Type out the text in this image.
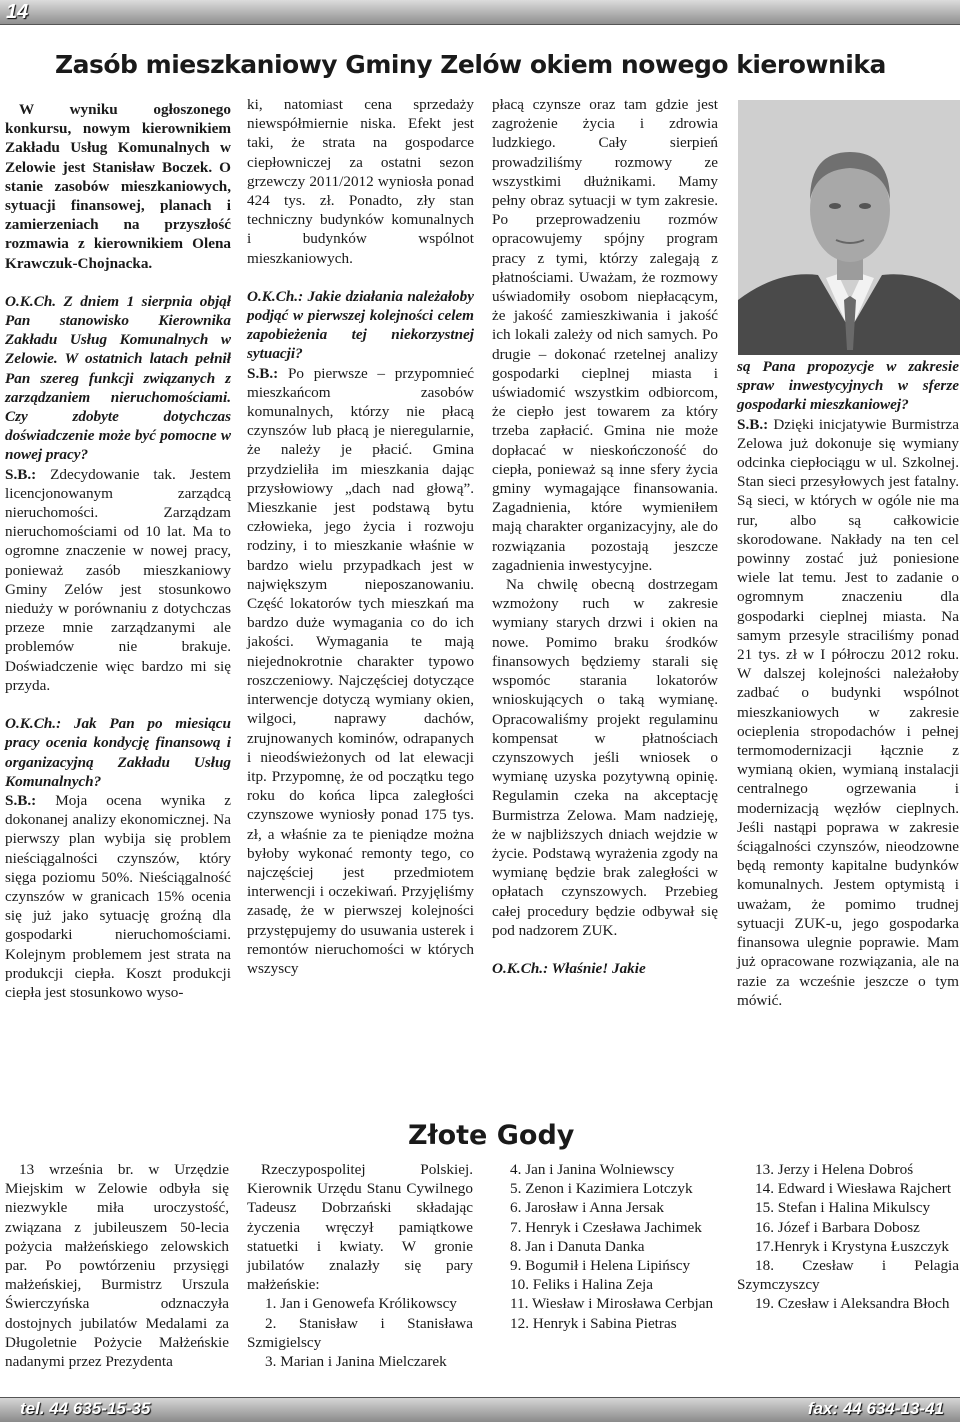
14
Zasób mieszkaniowy Gminy Zelów okiem nowego kierownika

W wyniku ogłoszonego konkursu, nowym kierownikiem Zakładu Usług Komunalnych w Zelowie jest Stanisław Boczek. O stanie zasobów mieszkaniowych, sytuacji finansowej, planach i zamierzeniach na przyszłość rozmawia z kierownikiem Olena Krawczuk-Chojnacka.

O.K.Ch. Z dniem 1 sierpnia objął Pan stanowisko Kierownika Zakładu Usług Komunalnych w Zelowie. W ostatnich latach pełnił Pan szereg funkcji związanych z zarządzaniem nieruchomościami. Czy zdobyte dotychczas doświadczenie może być pomocne w nowej pracy?

S.B.: Zdecydowanie tak. Jestem licencjonowanym zarządcą nieruchomości. Zarządzam nieruchomościami od 10 lat. Ma to ogromne znaczenie w nowej pracy, ponieważ zasób mieszkaniowy Gminy Zelów jest stosunkowo nieduży w porównaniu z dotychczas przeze mnie zarządzanymi ale problemów nie brakuje. Doświadczenie więc bardzo mi się przyda.

O.K.Ch.: Jak Pan po miesiącu pracy ocenia kondycję finansową i organizacyjną Zakładu Usług Komunalnych?

S.B.: Moja ocena wynika z dokonanej analizy ekonomicznej. Na pierwszy plan wybija się problem nieściągalności czynszów, który sięga poziomu 50%. Nieściągalność czynszów w granicach 15% ocenia się już jako sytuację groźną dla gospodarki nieruchomościami. Kolejnym problemem jest strata na produkcji ciepła. Koszt produkcji ciepła jest stosunkowo wyso-

ki, natomiast cena sprzedaży niewspółmiernie niska. Efekt jest taki, że strata na gospodarce ciepłowniczej za ostatni sezon grzewczy 2011/2012 wyniosła ponad 424 tys. zł. Ponadto, zły stan techniczny budynków komunalnych i budynków wspólnot mieszkaniowych.

O.K.Ch.: Jakie działania należałoby podjąć w pierwszej kolejności celem zapobieżenia tej niekorzystnej sytuacji?

S.B.: Po pierwsze – przypomnieć mieszkańcom zasobów komunalnych, którzy nie płacą czynszów lub płacą je nieregularnie, że należy je płacić. Gmina przydzieliła im mieszkania dając przysłowiowy „dach nad głową”. Mieszkanie jest podstawą bytu człowieka, jego życia i rozwoju rodziny, i to mieszkanie właśnie w bardzo wielu przypadkach jest w największym nieposzanowaniu. Część lokatorów tych mieszkań ma bardzo duże wymagania co do ich jakości. Wymagania te mają niejednokrotnie charakter typowo roszczeniowy. Najczęściej dotyczące interwencje dotyczą wymiany okien, wilgoci, naprawy dachów, zrujnowanych kominów, odrapanych i nieodświeżonych od lat elewacji itp. Przypomnę, że od początku tego roku do końca lipca zaległości czynszowe wyniosły ponad 175 tys. zł, a właśnie za te pieniądze można byłoby wykonać remonty tego, co najczęściej jest przedmiotem interwencji i oczekiwań. Przyjęliśmy zasadę, że w pierwszej kolejności przystępujemy do usuwania usterek i remontów nieruchomości w których wszyscy

płacą czynsze oraz tam gdzie jest zagrożenie życia i zdrowia ludzkiego. Cały sierpień prowadziliśmy rozmowy ze wszystkimi dłużnikami. Mamy pełny obraz sytuacji w tym zakresie. Po przeprowadzeniu rozmów opracowujemy spójny program pracy z tymi, którzy zalegają z płatnościami. Uważam, że rozmowy uświadomiły osobom niepłacącym, że jakość zamieszkiwania i jakość ich lokali zależy od nich samych. Po drugie – dokonać rzetelnej analizy gospodarki cieplnej miasta i uświadomić wszystkim odbiorcom, że ciepło jest towarem za który trzeba zapłacić. Gmina nie może dopłacać w nieskończoność do ciepła, ponieważ są inne sfery życia gminy wymagające finansowania. Zagadnienia, które wymieniłem mają charakter organizacyjny, ale do rozwiązania pozostają jeszcze zagadnienia inwestycyjne.

Na chwilę obecną dostrzegam wzmożony ruch w zakresie wymiany starych drzwi i okien na nowe. Pomimo braku środków finansowych będziemy starali się wspomóc starania lokatorów wnioskujących o taką wymianę. Opracowaliśmy projekt regulaminu kompensat w płatnościach czynszowych jeśli wniosek o wymianę uzyska pozytywną opinię. Regulamin czeka na akceptację Burmistrza Zelowa. Mam nadzieję, że w najbliższych dniach wejdzie w życie. Podstawą wyrażenia zgody na wymianę będzie brak zaległości w opłatach czynszowych. Przebieg całej procedury będzie odbywał się pod nadzorem ZUK.

O.K.Ch.: Właśnie! Jakie

są Pana propozycje w zakresie spraw inwestycyjnych w sferze gospodarki mieszkaniowej?

S.B.: Dzięki inicjatywie Burmistrza Zelowa już dokonuje się wymiany odcinka ciepłociągu w ul. Szkolnej. Stan sieci przesyłowych jest fatalny. Są sieci, w których w ogóle nie ma rur, albo są całkowicie skorodowane. Nakłady na ten cel powinny zostać już poniesione wiele lat temu. Jest to zadanie o ogromnym znaczeniu dla gospodarki cieplnej miasta. Na samym przesyle straciliśmy ponad 21 tys. zł w I półroczu 2012 roku. W dalszej kolejności należałoby zadbać o budynki wspólnot mieszkaniowych w zakresie ocieplenia stropodachów i pełnej termomodernizacji łącznie z wymianą okien, wymianą instalacji centralnego ogrzewania i modernizacją węzłów cieplnych. Jeśli nastąpi poprawa w zakresie ściągalności czynszów, nieodzowne będą remonty kapitalne budynków komunalnych. Jestem optymistą i uważam, że pomimo trudnej sytuacji ZUK-u, jego gospodarka finansowa ulegnie poprawie. Mam już opracowane rozwiązania, ale na razie za wcześnie jeszcze o tym mówić.

Złote Gody

13 września br. w Urzędzie Miejskim w Zelowie odbyła się niezwykle miła uroczystość, związana z jubileuszem 50-lecia pożycia małżeńskiego zelowskich par. Po powtórzeniu przysięgi małżeńskiej, Burmistrz Urszula Świerczyńska odznaczyła dostojnych jubilatów Medalami za Długoletnie Pożycie Małżeńskie nadanymi przez Prezydenta

Rzeczypospolitej Polskiej. Kierownik Urzędu Stanu Cywilnego Tadeusz Dobrzański składając życzenia wręczył pamiątkowe statuetki i kwiaty. W gronie jubilatów znalazły się pary małżeńskie:

1. Jan i Genowefa Królikowscy

2. Stanisław i Stanisława Szmigielscy

3. Marian i Janina Mielczarek

4. Jan i Janina Wolniewscy

5. Zenon i Kazimiera Lotczyk

6. Jarosław i Anna Jersak

7. Henryk i Czesława Jachimek

8. Jan i Danuta Danka

9. Bogumił i Helena Lipińscy

10. Feliks i Halina Zeja

11. Wiesław i Mirosława Cerbjan

12. Henryk i Sabina Pietras

13. Jerzy i Helena Dobroś

14. Edward i Wiesława Rajchert

15. Stefan i Halina Mikulscy

16. Józef i Barbara Dobosz

17.Henryk i Krystyna Łuszczyk

18. Czesław i Pelagia Szymczyszcy

19. Czesław i Aleksandra Błoch

tel. 44 635-15-35	fax: 44 634-13-41
